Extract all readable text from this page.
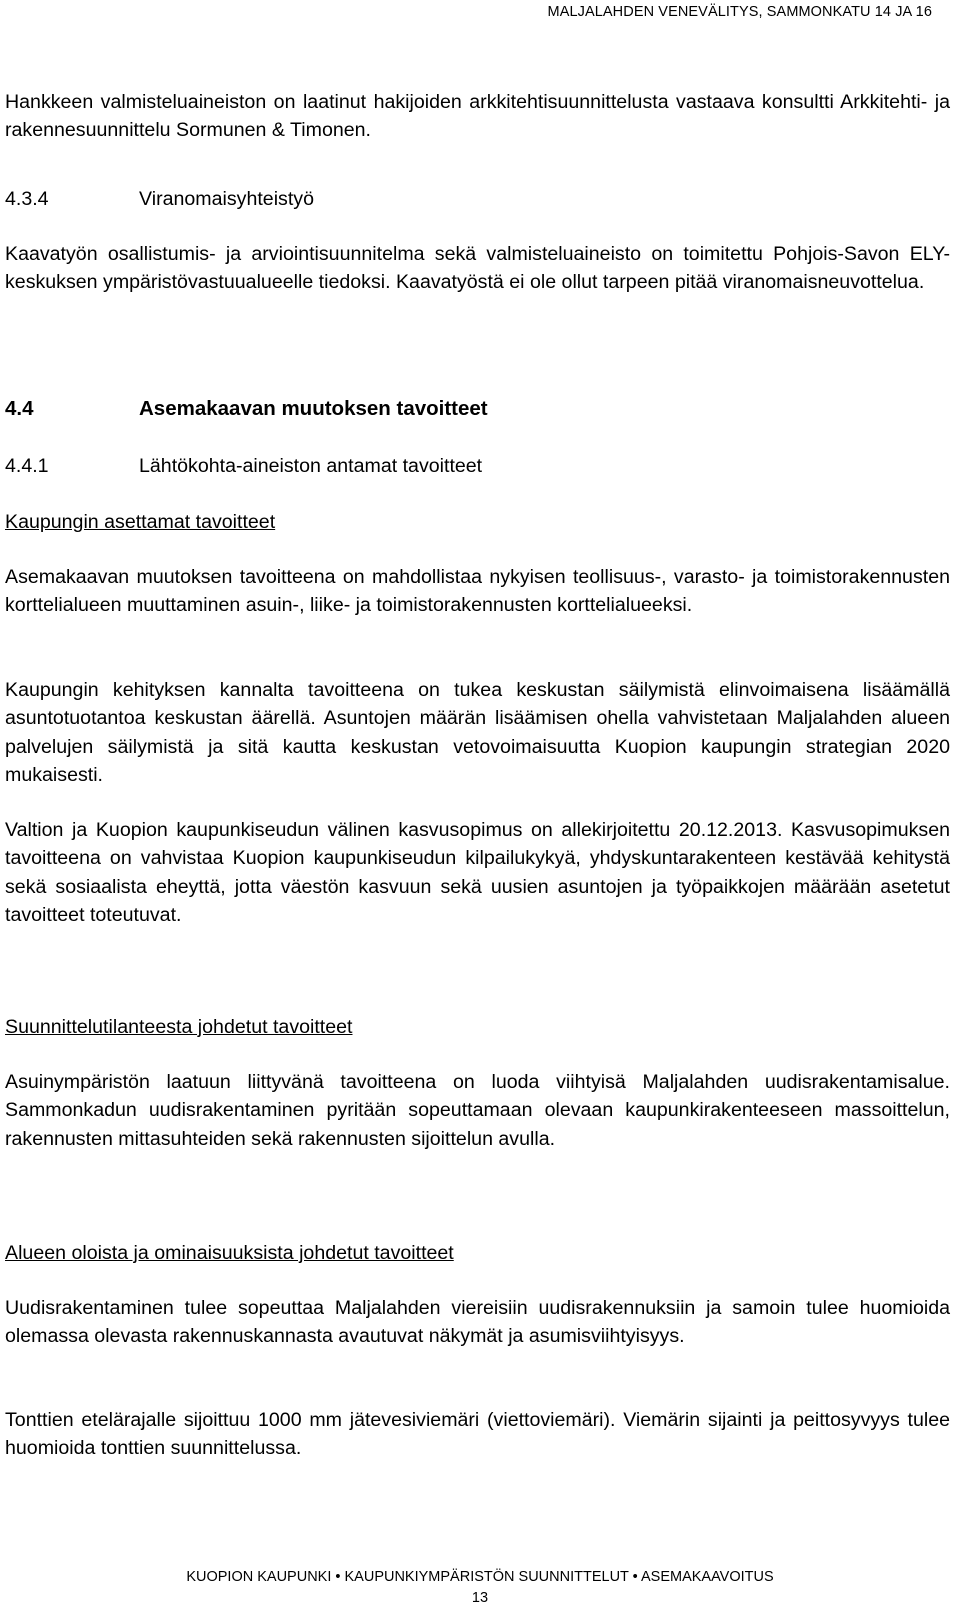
MALJALAHDEN VENEVÄLITYS, SAMMONKATU 14 JA 16

Hankkeen valmisteluaineiston on laatinut hakijoiden arkkitehtisuunnittelusta vastaava konsultti Arkkitehti- ja rakennesuunnittelu Sormunen & Timonen.

4.3.4	Viranomaisyhteistyö

Kaavatyön osallistumis- ja arviointisuunnitelma sekä valmisteluaineisto on toimitettu Pohjois-Savon ELY-keskuksen ympäristövastuualueelle tiedoksi. Kaavatyöstä ei ole ollut tarpeen pitää viranomaisneuvottelua.

4.4	Asemakaavan muutoksen tavoitteet
4.4.1	Lähtökohta-aineiston antamat tavoitteet
Kaupungin asettamat tavoitteet

Asemakaavan muutoksen tavoitteena on mahdollistaa nykyisen teollisuus-, varasto- ja toimistorakennusten korttelialueen muuttaminen asuin-, liike- ja toimistorakennusten korttelialueeksi.

Kaupungin kehityksen kannalta tavoitteena on tukea keskustan säilymistä elinvoimaisena lisäämällä asuntotuotantoa keskustan äärellä. Asuntojen määrän lisäämisen ohella vahvistetaan Maljalahden alueen palvelujen säilymistä ja sitä kautta keskustan vetovoimaisuutta Kuopion kaupungin strategian 2020 mukaisesti.

Valtion ja Kuopion kaupunkiseudun välinen kasvusopimus on allekirjoitettu 20.12.2013. Kasvusopimuksen tavoitteena on vahvistaa Kuopion kaupunkiseudun kilpailukykyä, yhdyskuntarakenteen kestävää kehitystä sekä sosiaalista eheyttä, jotta väestön kasvuun sekä uusien asuntojen ja työpaikkojen määrään asetetut tavoitteet toteutuvat.

Suunnittelutilanteesta johdetut tavoitteet

Asuinympäristön laatuun liittyvänä tavoitteena on luoda viihtyisä Maljalahden uudisrakentamisalue. Sammonkadun uudisrakentaminen pyritään sopeuttamaan olevaan kaupunkirakenteeseen massoittelun, rakennusten mittasuhteiden sekä rakennusten sijoittelun avulla.

Alueen oloista ja ominaisuuksista johdetut tavoitteet

Uudisrakentaminen tulee sopeuttaa Maljalahden viereisiin uudisrakennuksiin ja samoin tulee huomioida olemassa olevasta rakennuskannasta avautuvat näkymät ja asumisviihtyisyys.

Tonttien etelärajalle sijoittuu 1000 mm jätevesiviemäri (viettoviemäri). Viemärin sijainti ja peittosyvyys tulee huomioida tonttien suunnittelussa.

KUOPION KAUPUNKI • KAUPUNKIYMPÄRISTÖN SUUNNITTELUT • ASEMAKAAVOITUS
13
